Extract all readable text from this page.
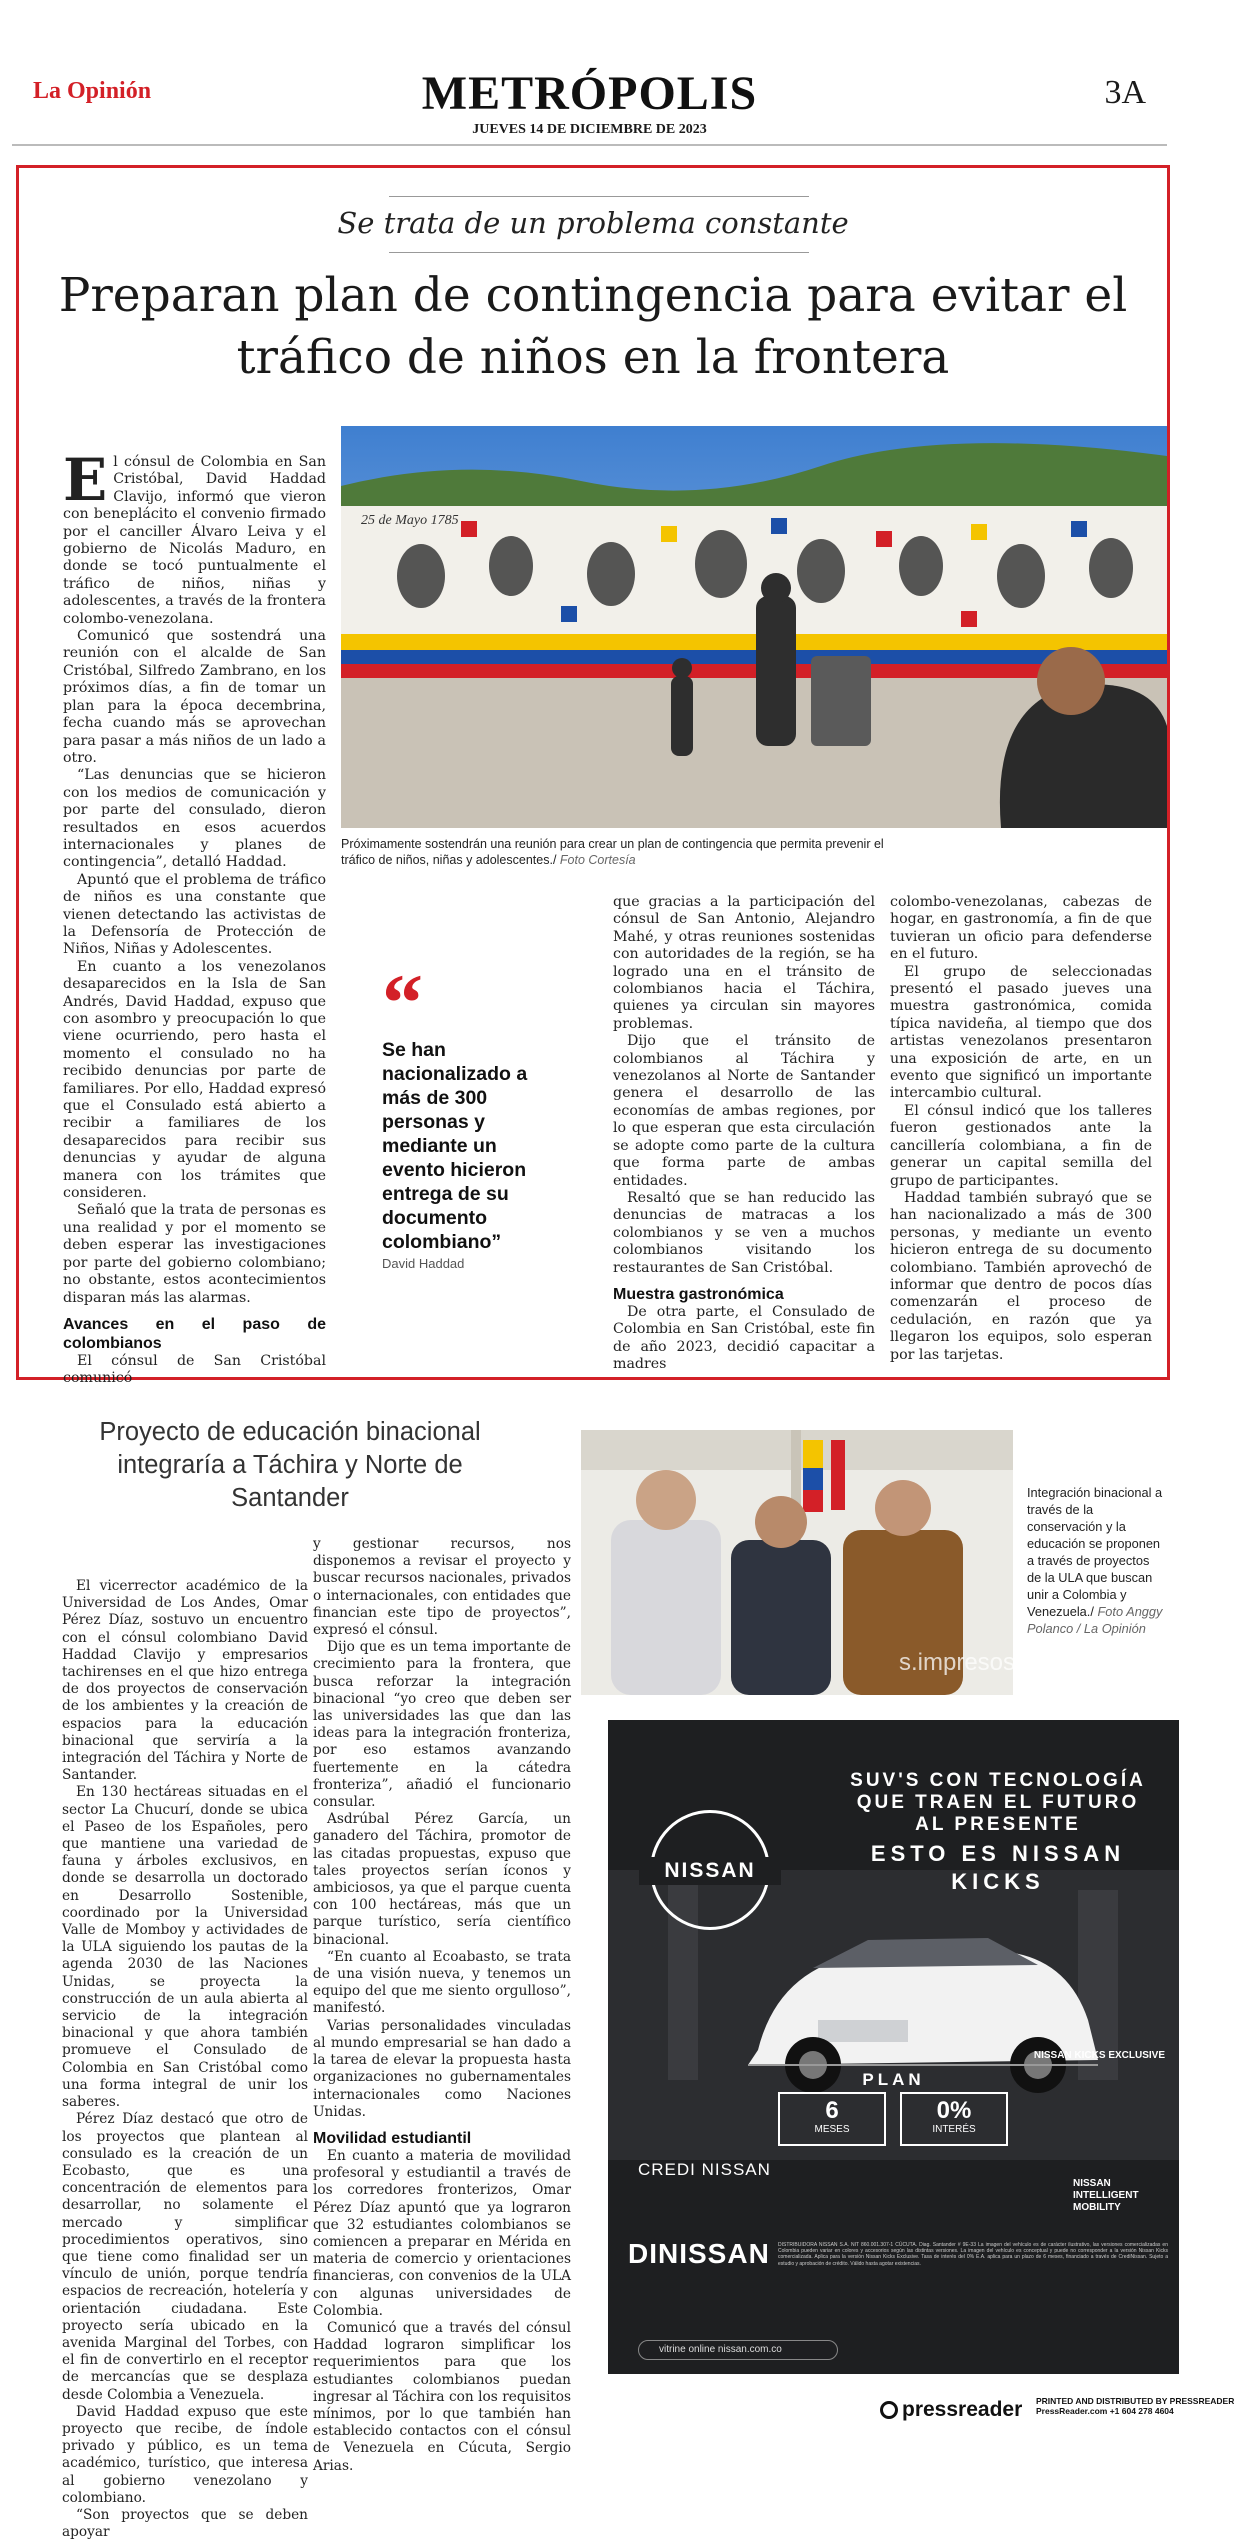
La Opinión	METRÓPOLIS
JUEVES 14 DE DICIEMBRE DE 2023
3A
Se trata de un problema constante
Preparan plan de contingencia para evitar el tráfico de niños en la frontera

El cónsul de Colombia en San Cristóbal, David Haddad Clavijo, informó que vieron con beneplácito el convenio firmado por el canciller Álvaro Leiva y el gobierno de Nicolás Maduro, en donde se tocó puntualmente el tráfico de niños, niñas y adolescentes, a través de la frontera colombo-venezolana.

Comunicó que sostendrá una reunión con el alcalde de San Cristóbal, Silfredo Zambrano, en los próximos días, a fin de tomar un plan para la época decembrina, fecha cuando más se aprovechan para pasar a más niños de un lado a otro.

“Las denuncias que se hicieron con los medios de comunicación y por parte del consulado, dieron resultados en esos acuerdos internacionales y planes de contingencia”, detalló Haddad.

Apuntó que el problema de tráfico de niños es una constante que vienen detectando las activistas de la Defensoría de Protección de Niños, Niñas y Adolescentes.

En cuanto a los venezolanos desaparecidos en la Isla de San Andrés, David Haddad, expuso que con asombro y preocupación lo que viene ocurriendo, pero hasta el momento el consulado no ha recibido denuncias por parte de familiares. Por ello, Haddad expresó que el Consulado está abierto a recibir a familiares de los desaparecidos para recibir sus denuncias y ayudar de alguna manera con los trámites que consideren.

Señaló que la trata de personas es una realidad y por el momento se deben esperar las investigaciones por parte del gobierno colombiano; no obstante, estos acontecimientos disparan más las alarmas.

Avances en el paso de colombianos

El cónsul de San Cristóbal comunicó

25 de Mayo 1785
Próximamente sostendrán una reunión para crear un plan de contingencia que permita prevenir el tráfico de niños, niñas y adolescentes./ Foto Cortesía
“
Se han nacionalizado a más de 300 personas y mediante un evento hicieron entrega de su documento colombiano”
David Haddad

que gracias a la participación del cónsul de San Antonio, Alejandro Mahé, y otras reuniones sostenidas con autoridades de la región, se ha logrado una en el tránsito de colombianos hacia el Táchira, quienes ya circulan sin mayores problemas.

Dijo que el tránsito de colombianos al Táchira y venezolanos al Norte de Santander genera el desarrollo de las economías de ambas regiones, por lo que esperan que esta circulación se adopte como parte de la cultura que forma parte de ambas entidades.

Resaltó que se han reducido las denuncias de matracas a los colombianos y se ven a muchos colombianos visitando los restaurantes de San Cristóbal.

Muestra gastronómica

De otra parte, el Consulado de Colombia en San Cristóbal, este fin de año 2023, decidió capacitar a madres

colombo-venezolanas, cabezas de hogar, en gastronomía, a fin de que tuvieran un oficio para defenderse en el futuro.

El grupo de seleccionadas presentó el pasado jueves una muestra gastronómica, comida típica navideña, al tiempo que dos artistas venezolanos presentaron una exposición de arte, en un evento que significó un importante intercambio cultural.

El cónsul indicó que los talleres fueron gestionados ante la cancillería colombiana, a fin de generar un capital semilla del grupo de participantes.

Haddad también subrayó que se han nacionalizado a más de 300 personas, y mediante un evento hicieron entrega de su documento colombiano. También aprovechó de informar que dentro de pocos días comenzarán el proceso de cedulación, en razón que ya llegaron los equipos, solo esperan por las tarjetas.

Proyecto de educación binacional integraría a Táchira y Norte de Santander
s.impresos@m
Integración binacional a través de la conservación y la educación se proponen a través de proyectos de la ULA que buscan unir a Colombia y Venezuela./ Foto Anggy Polanco / La Opinión

El vicerrector académico de la Universidad de Los Andes, Omar Pérez Díaz, sostuvo un encuentro con el cónsul colombiano David Haddad Clavijo y empresarios tachirenses en el que hizo entrega de dos proyectos de conservación de los ambientes y la creación de espacios para la educación binacional que serviría a la integración del Táchira y Norte de Santander.

En 130 hectáreas situadas en el sector La Chucurí, donde se ubica el Paseo de los Españoles, pero que mantiene una variedad de fauna y árboles exclusivos, en donde se desarrolla un doctorado en Desarrollo Sostenible, coordinado por la Universidad Valle de Momboy y actividades de la ULA siguiendo los pautas de la agenda 2030 de las Naciones Unidas, se proyecta la construcción de un aula abierta al servicio de la integración binacional y que ahora también promueve el Consulado de Colombia en San Cristóbal como una forma integral de unir los saberes.

Pérez Díaz destacó que otro de los proyectos que plantean al consulado es la creación de un Ecobasto, que es una concentración de elementos para desarrollar, no solamente el mercado y simplificar procedimientos operativos, sino que tiene como finalidad ser un vínculo de unión, porque tendría espacios de recreación, hotelería y orientación ciudadana. Este proyecto sería ubicado en la avenida Marginal del Torbes, con el fin de convertirlo en el receptor de mercancías que se desplaza desde Colombia a Venezuela.

David Haddad expuso que este proyecto que recibe, de índole privado y público, es un tema académico, turístico, que interesa al gobierno venezolano y colombiano.

“Son proyectos que se deben apoyar

y gestionar recursos, nos disponemos a revisar el proyecto y buscar recursos nacionales, privados o internacionales, con entidades que financian este tipo de proyectos”, expresó el cónsul.

Dijo que es un tema importante de crecimiento para la frontera, que busca reforzar la integración binacional “yo creo que deben ser las universidades las que dan las ideas para la integración fronteriza, por eso estamos avanzando fuertemente en la cátedra fronteriza”, añadió el funcionario consular.

Asdrúbal Pérez García, un ganadero del Táchira, promotor de las citadas propuestas, expuso que tales proyectos serían íconos y ambiciosos, ya que el parque cuenta con 100 hectáreas, más que un parque turístico, sería científico binacional.

“En cuanto al Ecoabasto, se trata de una visión nueva, y tenemos un equipo del que me siento orgulloso”, manifestó.

Varias personalidades vinculadas al mundo empresarial se han dado a la tarea de elevar la propuesta hasta organizaciones no gubernamentales internacionales como Naciones Unidas.

Movilidad estudiantil

En cuanto a materia de movilidad profesoral y estudiantil a través de los corredores fronterizos, Omar Pérez Díaz apuntó que ya lograron que 32 estudiantes colombianos se comiencen a preparar en Mérida en materia de comercio y orientaciones financieras, con convenios de la ULA con algunas universidades de Colombia.

Comunicó que a través del cónsul Haddad lograron simplificar los requerimientos para que los estudiantes colombianos puedan ingresar al Táchira con los requisitos mínimos, por lo que también han establecido contactos con el cónsul de Venezuela en Cúcuta, Sergio Arias.

NISSAN
SUV'S CON TECNOLOGÍA QUE TRAEN EL FUTURO AL PRESENTE
ESTO ES NISSAN KICKS
NISSAN KICKS EXCLUSIVE
PLAN
6
MESES
0%
INTERÉS
CREDI NISSAN
NISSAN INTELLIGENT MOBILITY
DINISSAN DISTRIBUIDORA NISSAN S.A. NIT 860.001.307-1 CÚCUTA. Diag. Santander # 9E-33 La imagen del vehículo es de carácter ilustrativo, las versiones comercializadas en Colombia pueden variar en colores y accesorios según las distintas versiones. La imagen del vehículo es conceptual y puede no corresponder a la versión Nissan Kicks comercializada. Aplica para la versión Nissan Kicks Exclusive. Tasa de interés del 0% E.A. aplica para un plazo de 6 meses, financiado a través de CrediNissan. Sujeto a estudio y aprobación de crédito. Válido hasta agotar existencias.
vitrine online nissan.com.co
pressreader PRINTED AND DISTRIBUTED BY PRESSREADER
PressReader.com +1 604 278 4604
